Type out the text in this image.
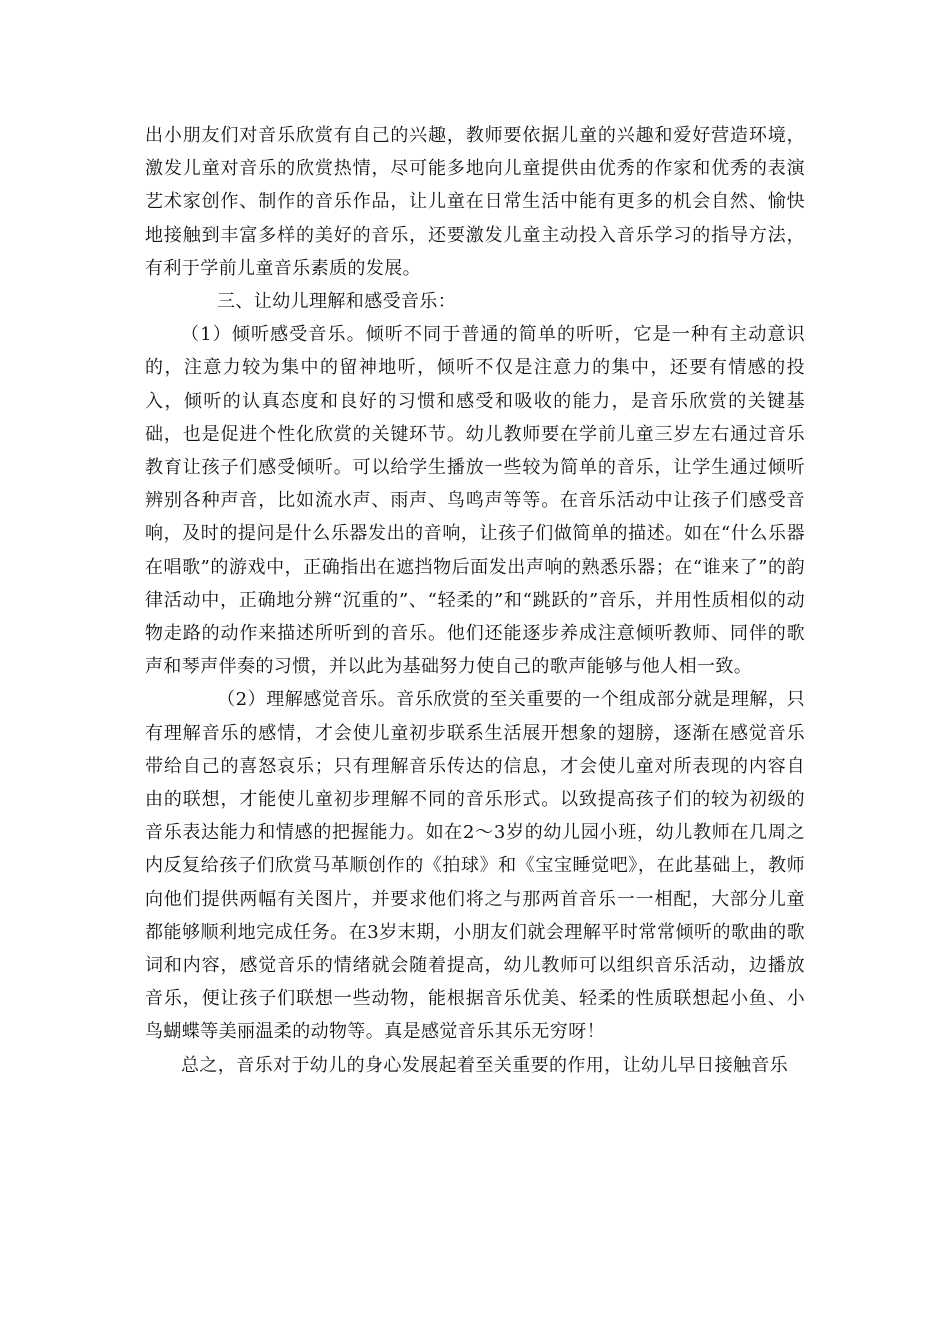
出小朋友们对音乐欣赏有自己的兴趣，教师要依据儿童的兴趣和爱好营造环境，激发儿童对音乐的欣赏热情，尽可能多地向儿童提供由优秀的作家和优秀的表演艺术家创作、制作的音乐作品，让儿童在日常生活中能有更多的机会自然、愉快地接触到丰富多样的美好的音乐，还要激发儿童主动投入音乐学习的指导方法，有利于学前儿童音乐素质的发展。

三、让幼儿理解和感受音乐：

（1）倾听感受音乐。倾听不同于普通的简单的听听，它是一种有主动意识的，注意力较为集中的留神地听，倾听不仅是注意力的集中，还要有情感的投入，倾听的认真态度和良好的习惯和感受和吸收的能力，是音乐欣赏的关键基础，也是促进个性化欣赏的关键环节。幼儿教师要在学前儿童三岁左右通过音乐教育让孩子们感受倾听。可以给学生播放一些较为简单的音乐，让学生通过倾听辨别各种声音，比如流水声、雨声、鸟鸣声等等。在音乐活动中让孩子们感受音响，及时的提问是什么乐器发出的音响，让孩子们做简单的描述。如在“什么乐器在唱歌”的游戏中，正确指出在遮挡物后面发出声响的熟悉乐器；在“谁来了”的韵律活动中，正确地分辨“沉重的”、“轻柔的”和“跳跃的”音乐，并用性质相似的动物走路的动作来描述所听到的音乐。他们还能逐步养成注意倾听教师、同伴的歌声和琴声伴奏的习惯，并以此为基础努力使自己的歌声能够与他人相一致。

（2）理解感觉音乐。音乐欣赏的至关重要的一个组成部分就是理解，只有理解音乐的感情，才会使儿童初步联系生活展开想象的翅膀，逐渐在感觉音乐带给自己的喜怒哀乐；只有理解音乐传达的信息，才会使儿童对所表现的内容自由的联想，才能使儿童初步理解不同的音乐形式。以致提高孩子们的较为初级的音乐表达能力和情感的把握能力。如在2～3岁的幼儿园小班，幼儿教师在几周之内反复给孩子们欣赏马革顺创作的《拍球》和《宝宝睡觉吧》，在此基础上，教师向他们提供两幅有关图片，并要求他们将之与那两首音乐一一相配，大部分儿童都能够顺利地完成任务。在3岁末期，小朋友们就会理解平时常常倾听的歌曲的歌词和内容，感觉音乐的情绪就会随着提高，幼儿教师可以组织音乐活动，边播放音乐，便让孩子们联想一些动物，能根据音乐优美、轻柔的性质联想起小鱼、小鸟蝴蝶等美丽温柔的动物等。真是感觉音乐其乐无穷呀！

总之，音乐对于幼儿的身心发展起着至关重要的作用，让幼儿早日接触音乐
